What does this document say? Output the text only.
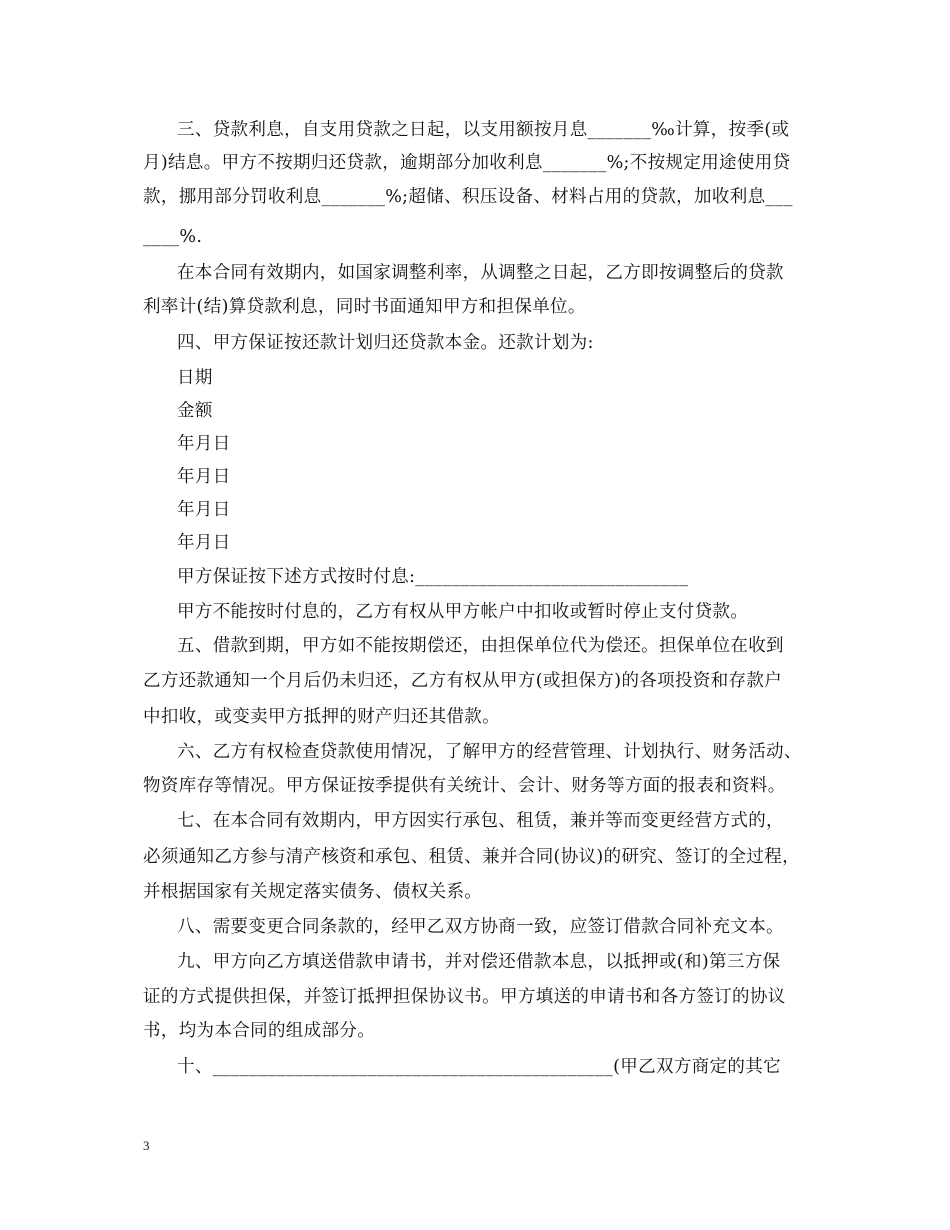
三、贷款利息，自支用贷款之日起，以支用额按月息_______‰计算，按季(或
月)结息。甲方不按期归还贷款，逾期部分加收利息_______%;不按规定用途使用贷
款，挪用部分罚收利息_______%;超储、积压设备、材料占用的贷款，加收利息___
____%.
在本合同有效期内，如国家调整利率，从调整之日起，乙方即按调整后的贷款
利率计(结)算贷款利息，同时书面通知甲方和担保单位。
四、甲方保证按还款计划归还贷款本金。还款计划为:
日期
金额
年月日
年月日
年月日
年月日
甲方保证按下述方式按时付息:______________________________
甲方不能按时付息的，乙方有权从甲方帐户中扣收或暂时停止支付贷款。
五、借款到期，甲方如不能按期偿还，由担保单位代为偿还。担保单位在收到
乙方还款通知一个月后仍未归还，乙方有权从甲方(或担保方)的各项投资和存款户
中扣收，或变卖甲方抵押的财产归还其借款。
六、乙方有权检查贷款使用情况，了解甲方的经营管理、计划执行、财务活动、
物资库存等情况。甲方保证按季提供有关统计、会计、财务等方面的报表和资料。
七、在本合同有效期内，甲方因实行承包、租赁，兼并等而变更经营方式的，
必须通知乙方参与清产核资和承包、租赁、兼并合同(协议)的研究、签订的全过程，
并根据国家有关规定落实债务、债权关系。
八、需要变更合同条款的，经甲乙双方协商一致，应签订借款合同补充文本。
九、甲方向乙方填送借款申请书，并对偿还借款本息，以抵押或(和)第三方保
证的方式提供担保，并签订抵押担保协议书。甲方填送的申请书和各方签订的协议
书，均为本合同的组成部分。
十、____________________________________________(甲乙双方商定的其它
3
